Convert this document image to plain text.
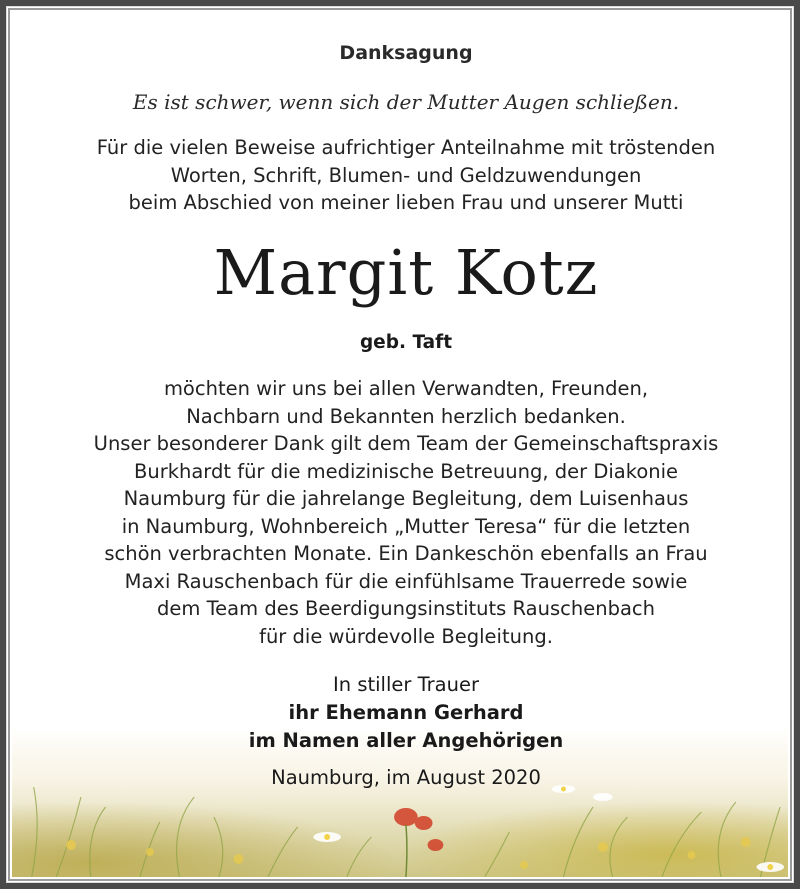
Danksagung
Es ist schwer, wenn sich der Mutter Augen schließen.
Für die vielen Beweise aufrichtiger Anteilnahme mit tröstenden
Worten, Schrift, Blumen- und Geldzuwendungen
beim Abschied von meiner lieben Frau und unserer Mutti
Margit Kotz
geb. Taft
möchten wir uns bei allen Verwandten, Freunden,
Nachbarn und Bekannten herzlich bedanken.
Unser besonderer Dank gilt dem Team der Gemeinschaftspraxis
Burkhardt für die medizinische Betreuung, der Diakonie
Naumburg für die jahrelange Begleitung, dem Luisenhaus
in Naumburg, Wohnbereich „Mutter Teresa“ für die letzten
schön verbrachten Monate. Ein Dankeschön ebenfalls an Frau
Maxi Rauschenbach für die einfühlsame Trauerrede sowie
dem Team des Beerdigungsinstituts Rauschenbach
für die würdevolle Begleitung.
In stiller Trauer
ihr Ehemann Gerhard
im Namen aller Angehörigen
Naumburg, im August 2020
